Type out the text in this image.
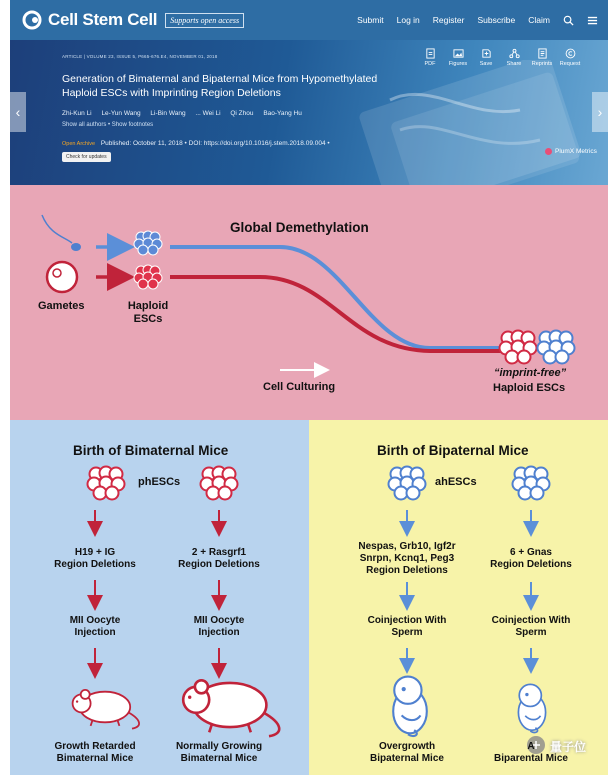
Cell Stem Cell	Supports open access	Submit Log in Register Subscribe Claim
‹	›
ARTICLE | VOLUME 23, ISSUE 5, P665-676.E4, NOVEMBER 01, 2018
Generation of Bimaternal and Bipaternal Mice from Hypomethylated Haploid ESCs with Imprinting Region Deletions
Zhi-Kun Li Le-Yun Wang Li-Bin Wang ... Wei Li Qi Zhou Bao-Yang Hu
Show all authors • Show footnotes
Open Archive Published: October 11, 2018 • DOI: https://doi.org/10.1016/j.stem.2018.09.004 •
Check for updates
PDF Figures Save	Share Reprints Request
PlumX Metrics
Global Demethylation
Gametes	Haploid
ESCs
Cell Culturing
“imprint-free”
Haploid ESCs
Birth of Bimaternal Mice
phESCs
H19 + IG
Region Deletions
2 + Rasgrf1
Region Deletions
MII Oocyte
Injection
MII Oocyte
Injection
Growth Retarded
Bimaternal Mice
Normally Growing
Bimaternal Mice
Birth of Bipaternal Mice
ahESCs
Nespas, Grb10, Igf2r
Snrpn, Kcnq1, Peg3
Region Deletions
6 + Gnas
Region Deletions
Coinjection With
Sperm
Coinjection With
Sperm
Overgrowth
Bipaternal Mice
A
Biparental Mice
量子位
